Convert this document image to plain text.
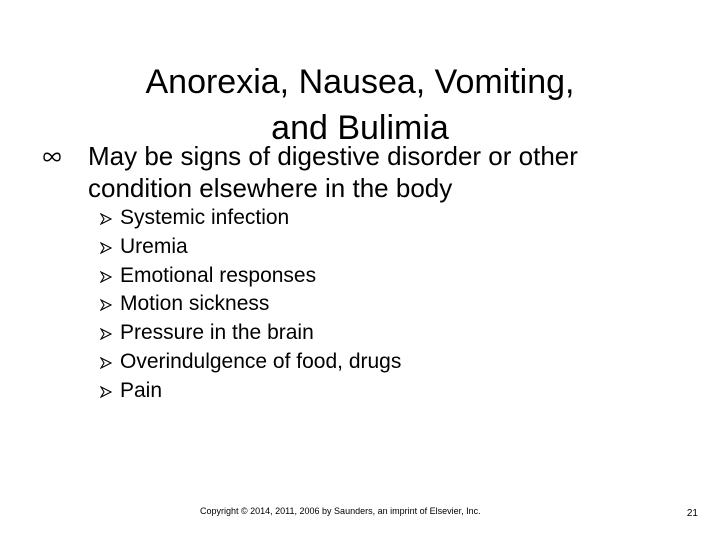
Anorexia, Nausea, Vomiting,
and Bulimia
May be signs of digestive disorder or other
condition elsewhere in the body
Systemic infection
Uremia
Emotional responses
Motion sickness
Pressure in the brain
Overindulgence of food, drugs
Pain
Copyright © 2014, 2011, 2006 by Saunders, an imprint of Elsevier, Inc.	21
